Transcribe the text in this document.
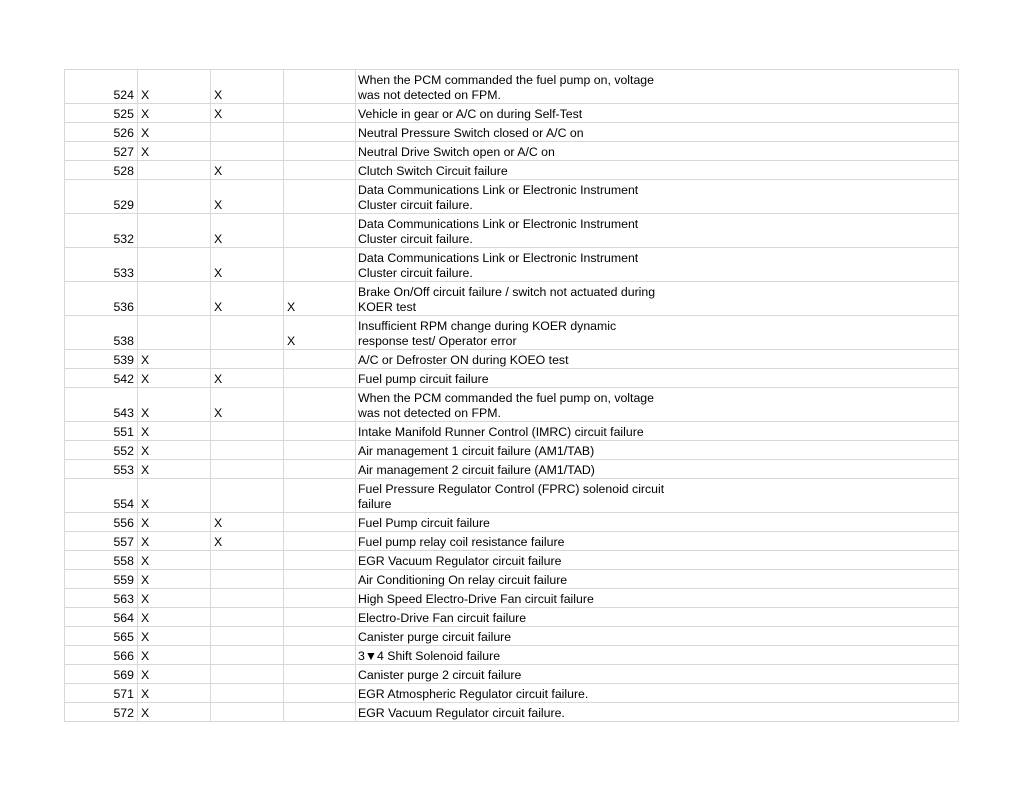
524	X	X		When the PCM commanded the fuel pump on, voltage
was not detected on FPM.
525	X	X		Vehicle in gear or A/C on during Self-Test
526	X			Neutral Pressure Switch closed or A/C on
527	X			Neutral Drive Switch open or A/C on
528		X		Clutch Switch Circuit failure
529		X		Data Communications Link or Electronic Instrument
Cluster circuit failure.
532		X		Data Communications Link or Electronic Instrument
Cluster circuit failure.
533		X		Data Communications Link or Electronic Instrument
Cluster circuit failure.
536		X	X	Brake On/Off circuit failure / switch not actuated during
KOER test
538			X	Insufficient RPM change during KOER dynamic
response test/ Operator error
539	X			A/C or Defroster ON during KOEO test
542	X	X		Fuel pump circuit failure
543	X	X		When the PCM commanded the fuel pump on, voltage
was not detected on FPM.
551	X			Intake Manifold Runner Control (IMRC) circuit failure
552	X			Air management 1 circuit failure (AM1/TAB)
553	X			Air management 2 circuit failure (AM1/TAD)
554	X			Fuel Pressure Regulator Control (FPRC) solenoid circuit
failure
556	X	X		Fuel Pump circuit failure
557	X	X		Fuel pump relay coil resistance failure
558	X			EGR Vacuum Regulator circuit failure
559	X			Air Conditioning On relay circuit failure
563	X			High Speed Electro-Drive Fan circuit failure
564	X			Electro-Drive Fan circuit failure
565	X			Canister purge circuit failure
566	X			3▼4 Shift Solenoid failure
569	X			Canister purge 2 circuit failure
571	X			EGR Atmospheric Regulator circuit failure.
572	X			EGR Vacuum Regulator circuit failure.
